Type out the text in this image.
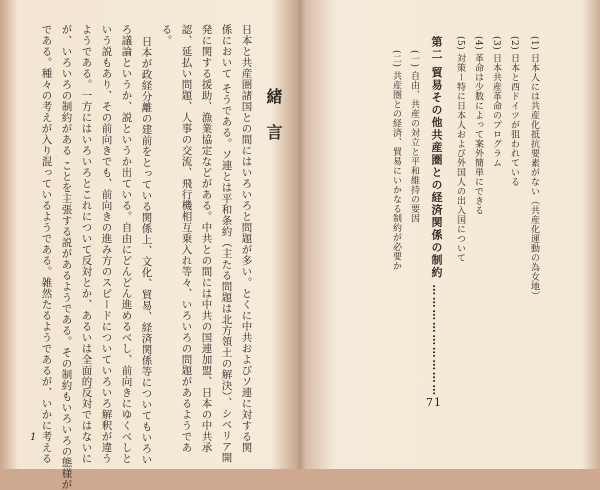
である。種々の考えが入り混っているようである。雑然たるようであるが、いかに考える が、いろいろの制約がある ことを主張する説があるようである。その制約もいろいろの態様が ようである。一方にはいろいろとこれについて反対とか、あるいは全面的反対ではないに いう説もあり、その前向きでも、前向きの進み方のスピードについていろいろ解釈が違う ろ議論というか、説というか出ている。自由にどんどん進めるべし、前向きにゆくべしと 日本が政経分離の建前をとっている関係上、文化、貿易、経済関係等についてもいろい
る。 認、延払い問題、人事の交流、飛行機相互乗入れ等々、いろいろの問題があるようであ 発に関する援助、漁業協定などがある。中共との間には中共の国連加盟、日本の中共承 係において そうである。ソ連とは平和条約（主たる問題は北方領土の解決）、シベリア開 日本と共産圏諸国との間にはいろいろと問題が多い。とくに中共およびソ連に対する関 緒言
1
(1) 日本人には共産化抵抗要素がない（共産化運動の為女地）
(2) 日本と西ドイツが狙われている
(3) 日本共産革命のプログラム
(4) 革命は少数によって案外簡単にできる
(5) 対策ー特に日本人および外国人の出入国について
第二 貿易その他共産圏との経済関係の制約 ………………………
(一) 自由、共産の対立と平和維持の要因
(二) 共産圏との経済、貿易にいかなる制約が必要か
71
